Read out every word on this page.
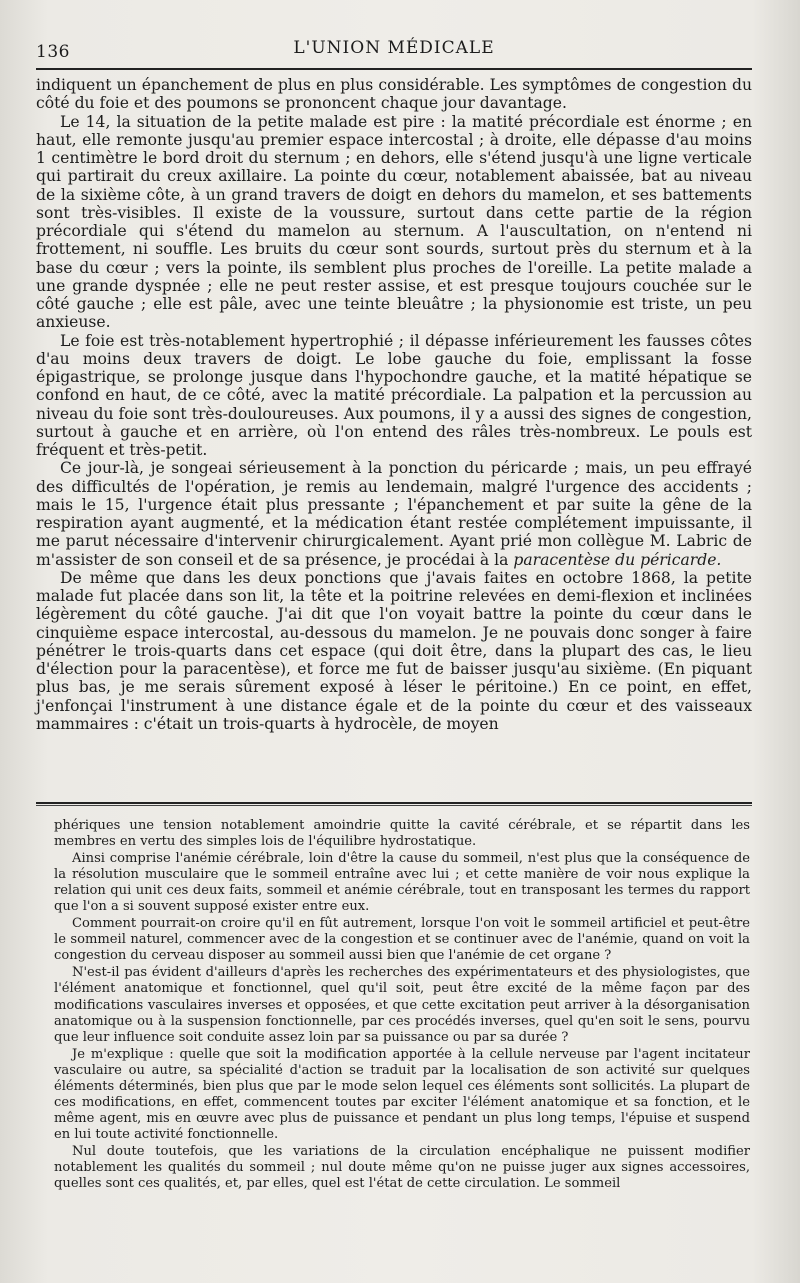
136	L'UNION MÉDICALE

indiquent un épanchement de plus en plus considérable. Les symptômes de congestion du côté du foie et des poumons se prononcent chaque jour davantage.

Le 14, la situation de la petite malade est pire : la matité précordiale est énorme ; en haut, elle remonte jusqu'au premier espace intercostal ; à droite, elle dépasse d'au moins 1 centimètre le bord droit du sternum ; en dehors, elle s'étend jusqu'à une ligne verticale qui partirait du creux axillaire. La pointe du cœur, notablement abaissée, bat au niveau de la sixième côte, à un grand travers de doigt en dehors du mamelon, et ses battements sont très-visibles. Il existe de la voussure, surtout dans cette partie de la région précordiale qui s'étend du mamelon au sternum. A l'auscultation, on n'entend ni frottement, ni souffle. Les bruits du cœur sont sourds, surtout près du sternum et à la base du cœur ; vers la pointe, ils semblent plus proches de l'oreille. La petite malade a une grande dyspnée ; elle ne peut rester assise, et est presque toujours couchée sur le côté gauche ; elle est pâle, avec une teinte bleuâtre ; la physionomie est triste, un peu anxieuse.

Le foie est très-notablement hypertrophié ; il dépasse inférieurement les fausses côtes d'au moins deux travers de doigt. Le lobe gauche du foie, emplissant la fosse épigastrique, se prolonge jusque dans l'hypochondre gauche, et la matité hépatique se confond en haut, de ce côté, avec la matité précordiale. La palpation et la percussion au niveau du foie sont très-douloureuses. Aux poumons, il y a aussi des signes de congestion, surtout à gauche et en arrière, où l'on entend des râles très-nombreux. Le pouls est fréquent et très-petit.

Ce jour-là, je songeai sérieusement à la ponction du péricarde ; mais, un peu effrayé des difficultés de l'opération, je remis au lendemain, malgré l'urgence des accidents ; mais le 15, l'urgence était plus pressante ; l'épanchement et par suite la gêne de la respiration ayant augmenté, et la médication étant restée complétement impuissante, il me parut nécessaire d'intervenir chirurgicalement. Ayant prié mon collègue M. Labric de m'assister de son conseil et de sa présence, je procédai à la paracentèse du péricarde.

De même que dans les deux ponctions que j'avais faites en octobre 1868, la petite malade fut placée dans son lit, la tête et la poitrine relevées en demi-flexion et inclinées légèrement du côté gauche. J'ai dit que l'on voyait battre la pointe du cœur dans le cinquième espace intercostal, au-dessous du mamelon. Je ne pouvais donc songer à faire pénétrer le trois-quarts dans cet espace (qui doit être, dans la plupart des cas, le lieu d'élection pour la paracentèse), et force me fut de baisser jusqu'au sixième. (En piquant plus bas, je me serais sûrement exposé à léser le péritoine.) En ce point, en effet, j'enfonçai l'instrument à une distance égale et de la pointe du cœur et des vaisseaux mammaires : c'était un trois-quarts à hydrocèle, de moyen

phériques une tension notablement amoindrie quitte la cavité cérébrale, et se répartit dans les membres en vertu des simples lois de l'équilibre hydrostatique.

Ainsi comprise l'anémie cérébrale, loin d'être la cause du sommeil, n'est plus que la conséquence de la résolution musculaire que le sommeil entraîne avec lui ; et cette manière de voir nous explique la relation qui unit ces deux faits, sommeil et anémie cérébrale, tout en transposant les termes du rapport que l'on a si souvent supposé exister entre eux.

Comment pourrait-on croire qu'il en fût autrement, lorsque l'on voit le sommeil artificiel et peut-être le sommeil naturel, commencer avec de la congestion et se continuer avec de l'anémie, quand on voit la congestion du cerveau disposer au sommeil aussi bien que l'anémie de cet organe ?

N'est-il pas évident d'ailleurs d'après les recherches des expérimentateurs et des physiologistes, que l'élément anatomique et fonctionnel, quel qu'il soit, peut être excité de la même façon par des modifications vasculaires inverses et opposées, et que cette excitation peut arriver à la désorganisation anatomique ou à la suspension fonctionnelle, par ces procédés inverses, quel qu'en soit le sens, pourvu que leur influence soit conduite assez loin par sa puissance ou par sa durée ?

Je m'explique : quelle que soit la modification apportée à la cellule nerveuse par l'agent incitateur vasculaire ou autre, sa spécialité d'action se traduit par la localisation de son activité sur quelques éléments déterminés, bien plus que par le mode selon lequel ces éléments sont sollicités. La plupart de ces modifications, en effet, commencent toutes par exciter l'élément anatomique et sa fonction, et le même agent, mis en œuvre avec plus de puissance et pendant un plus long temps, l'épuise et suspend en lui toute activité fonctionnelle.

Nul doute toutefois, que les variations de la circulation encéphalique ne puissent modifier notablement les qualités du sommeil ; nul doute même qu'on ne puisse juger aux signes accessoires, quelles sont ces qualités, et, par elles, quel est l'état de cette circulation. Le sommeil
